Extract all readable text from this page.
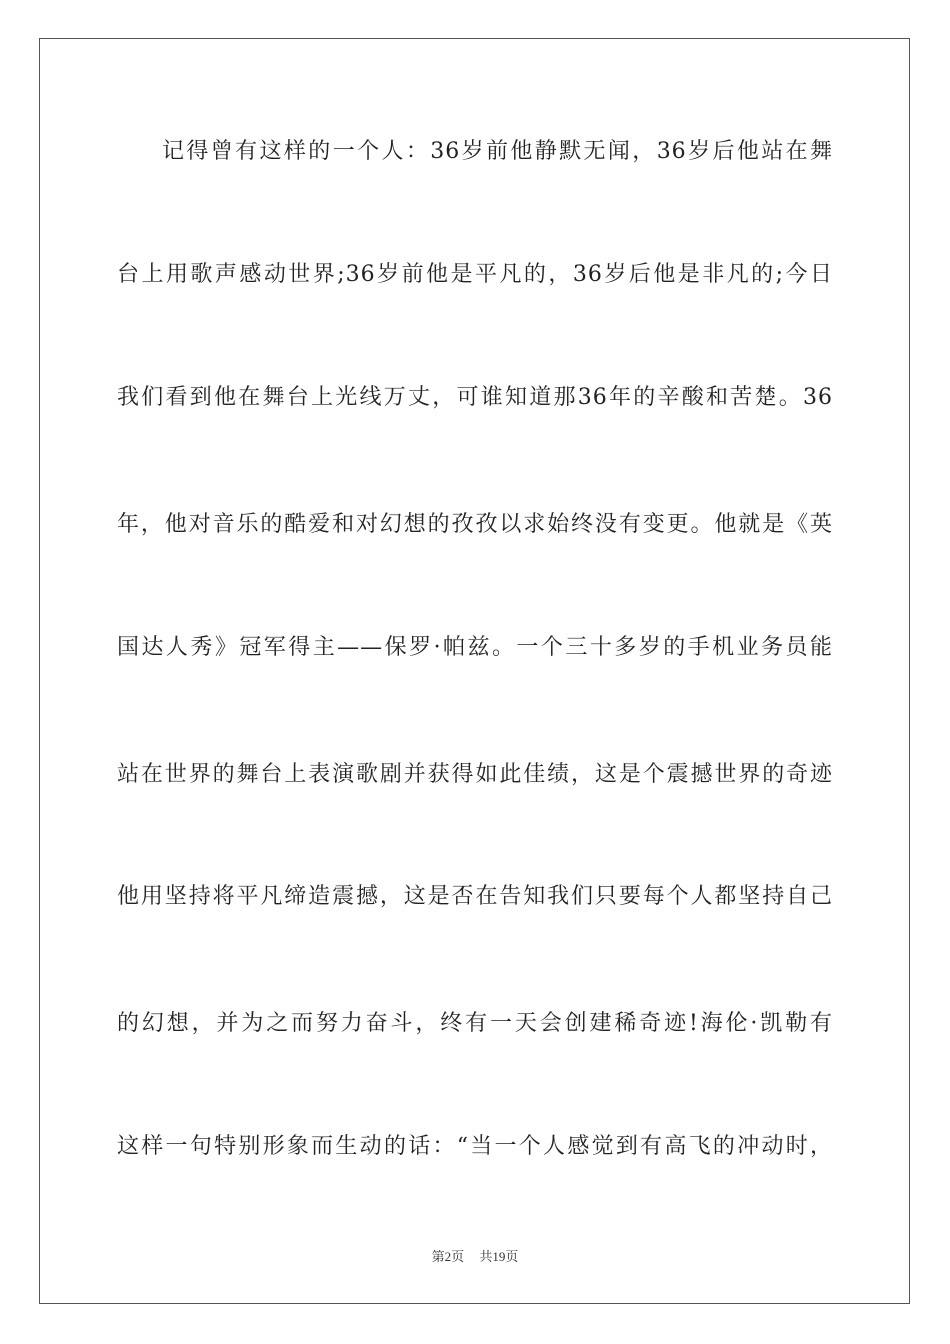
记得曾有这样的一个人：36岁前他静默无闻，36岁后他站在舞
台上用歌声感动世界;36岁前他是平凡的，36岁后他是非凡的;今日
我们看到他在舞台上光线万丈，可谁知道那36年的辛酸和苦楚。36
年，他对音乐的酷爱和对幻想的孜孜以求始终没有变更。他就是《英
国达人秀》冠军得主——保罗·帕兹。一个三十多岁的手机业务员能
站在世界的舞台上表演歌剧并获得如此佳绩，这是个震撼世界的奇迹
他用坚持将平凡缔造震撼，这是否在告知我们只要每个人都坚持自己
的幻想，并为之而努力奋斗，终有一天会创建稀奇迹!海伦·凯勒有
这样一句特别形象而生动的话：“当一个人感觉到有高飞的冲动时，
第2页 共19页
